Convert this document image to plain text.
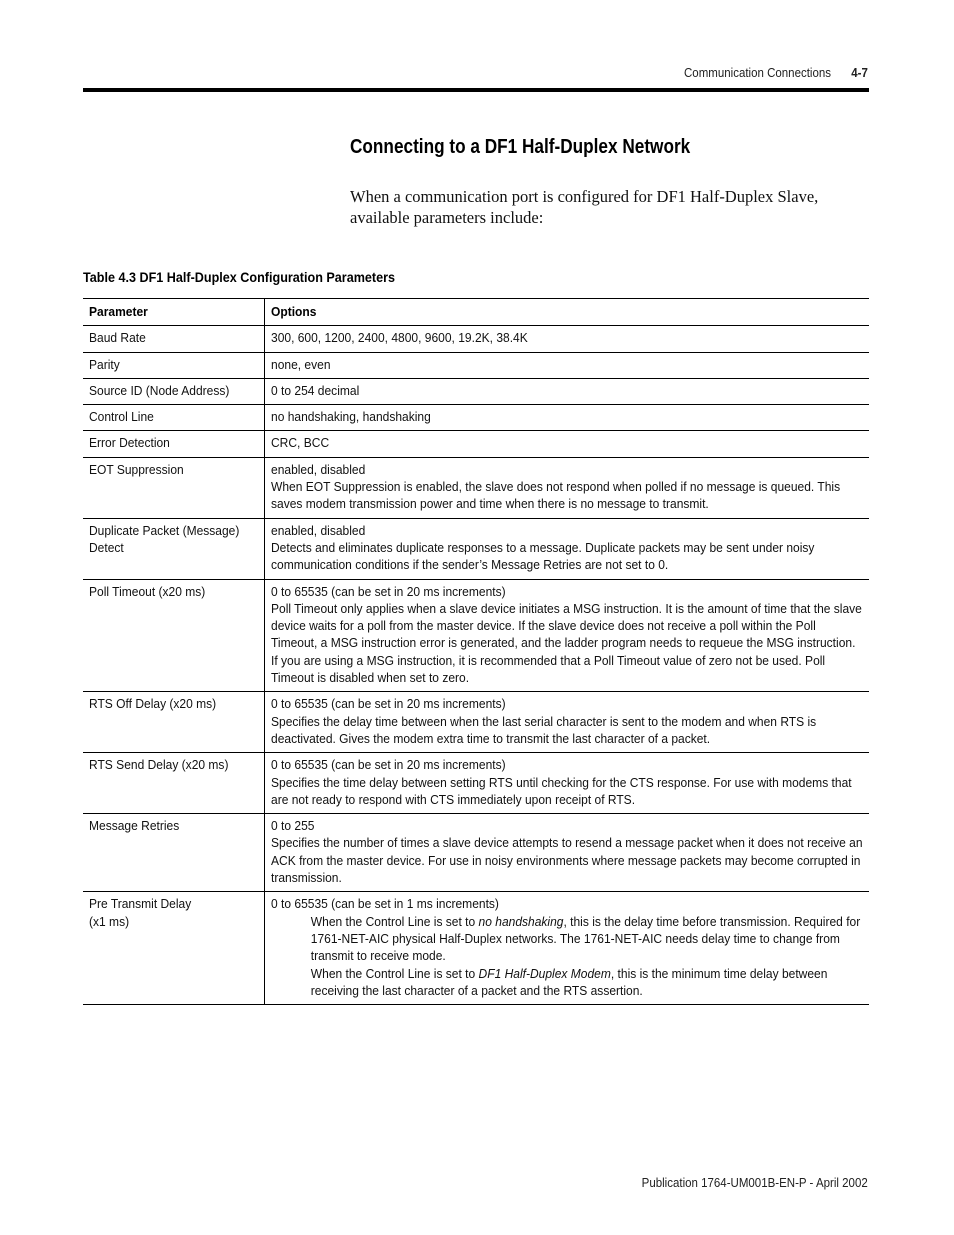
Communication Connections 4-7
Connecting to a DF1 Half-Duplex Network

When a communication port is configured for DF1 Half-Duplex Slave, available parameters include:

Table 4.3 DF1 Half-Duplex Configuration Parameters
Parameter	Options

Baud Rate	300, 600, 1200, 2400, 4800, 9600, 19.2K, 38.4K

Parity	none, even

Source ID (Node Address)	0 to 254 decimal

Control Line	no handshaking, handshaking

Error Detection	CRC, BCC

EOT Suppression	enabled, disabled
When EOT Suppression is enabled, the slave does not respond when polled if no message is queued. This saves modem transmission power and time when there is no message to transmit.

Duplicate Packet (Message) Detect	enabled, disabled
Detects and eliminates duplicate responses to a message. Duplicate packets may be sent under noisy communication conditions if the sender’s Message Retries are not set to 0.

Poll Timeout (x20 ms)	0 to 65535 (can be set in 20 ms increments)
Poll Timeout only applies when a slave device initiates a MSG instruction. It is the amount of time that the slave device waits for a poll from the master device. If the slave device does not receive a poll within the Poll Timeout, a MSG instruction error is generated, and the ladder program needs to requeue the MSG instruction. If you are using a MSG instruction, it is recommended that a Poll Timeout value of zero not be used. Poll Timeout is disabled when set to zero.

RTS Off Delay (x20 ms)	0 to 65535 (can be set in 20 ms increments)
Specifies the delay time between when the last serial character is sent to the modem and when RTS is deactivated. Gives the modem extra time to transmit the last character of a packet.

RTS Send Delay (x20 ms)	0 to 65535 (can be set in 20 ms increments)
Specifies the time delay between setting RTS until checking for the CTS response. For use with modems that are not ready to respond with CTS immediately upon receipt of RTS.

Message Retries	0 to 255
Specifies the number of times a slave device attempts to resend a message packet when it does not receive an ACK from the master device. For use in noisy environments where message packets may become corrupted in transmission.

Pre Transmit Delay
(x1 ms)	0 to 65535 (can be set in 1 ms increments)
When the Control Line is set to no handshaking, this is the delay time before transmission. Required for 1761-NET-AIC physical Half-Duplex networks. The 1761-NET-AIC needs delay time to change from transmit to receive mode.
When the Control Line is set to DF1 Half-Duplex Modem, this is the minimum time delay between receiving the last character of a packet and the RTS assertion.
Publication 1764-UM001B-EN-P - April 2002
